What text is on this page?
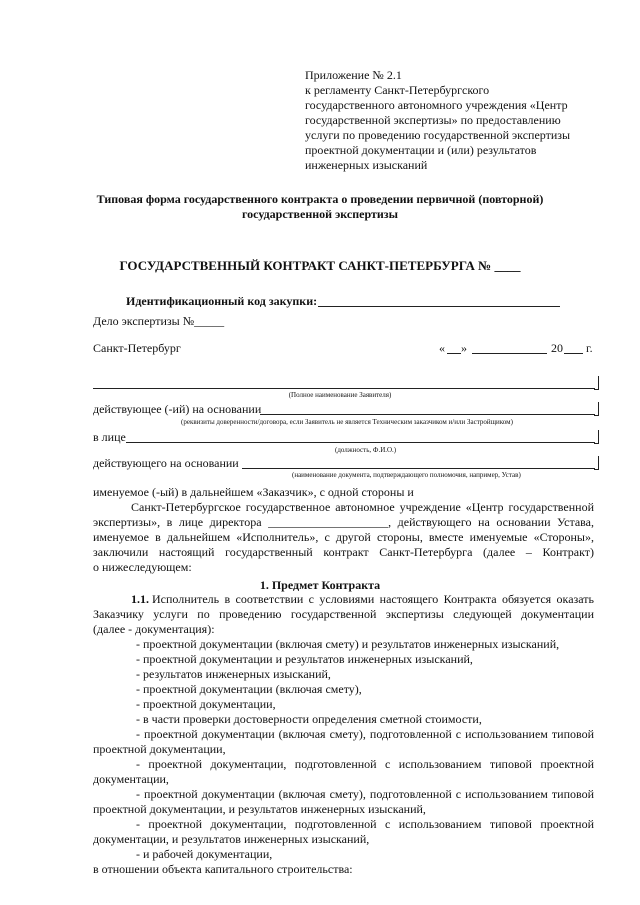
Приложение № 2.1
к регламенту Санкт-Петербургского
государственного автономного учреждения «Центр
государственной экспертизы» по предоставлению
услуги по проведению государственной экспертизы
проектной документации и (или) результатов
инженерных изысканий
Типовая форма государственного контракта о проведении первичной (повторной)
государственной экспертизы
ГОСУДАРСТВЕННЫЙ КОНТРАКТ САНКТ-ПЕТЕРБУРГА № ____
Идентификационный код закупки:
Дело экспертизы №_____
Санкт-Петербург	« »	20 г.
(Полное наименование Заявителя)
действующее (-ий) на основании
(реквизиты доверенности/договора, если Заявитель не является Техническим заказчиком и/или Застройщиком)
в лице
(должность, Ф.И.О.)
действующего на основании
(наименование документа, подтверждающего полномочия, например, Устав)
именуемое (-ый) в дальнейшем «Заказчик», с одной стороны и
Санкт-Петербургское государственное автономное учреждение «Центр государственной
экспертизы», в лице директора ____________________, действующего на основании Устава,
именуемое в дальнейшем «Исполнитель», с другой стороны, вместе именуемые «Стороны»,
заключили настоящий государственный контракт Санкт-Петербурга (далее – Контракт)
о нижеследующем:
1. Предмет Контракта
1.1. Исполнитель в соответствии с условиями настоящего Контракта обязуется оказать
Заказчику услуги по проведению государственной экспертизы следующей документации
(далее - документация):
- проектной документации (включая смету) и результатов инженерных изысканий,
- проектной документации и результатов инженерных изысканий,
- результатов инженерных изысканий,
- проектной документации (включая смету),
- проектной документации,
- в части проверки достоверности определения сметной стоимости,
- проектной документации (включая смету), подготовленной с использованием типовой
проектной документации,
- проектной документации, подготовленной с использованием типовой проектной
документации,
- проектной документации (включая смету), подготовленной с использованием типовой
проектной документации, и результатов инженерных изысканий,
- проектной документации, подготовленной с использованием типовой проектной
документации, и результатов инженерных изысканий,
- и рабочей документации,
в отношении объекта капитального строительства:
